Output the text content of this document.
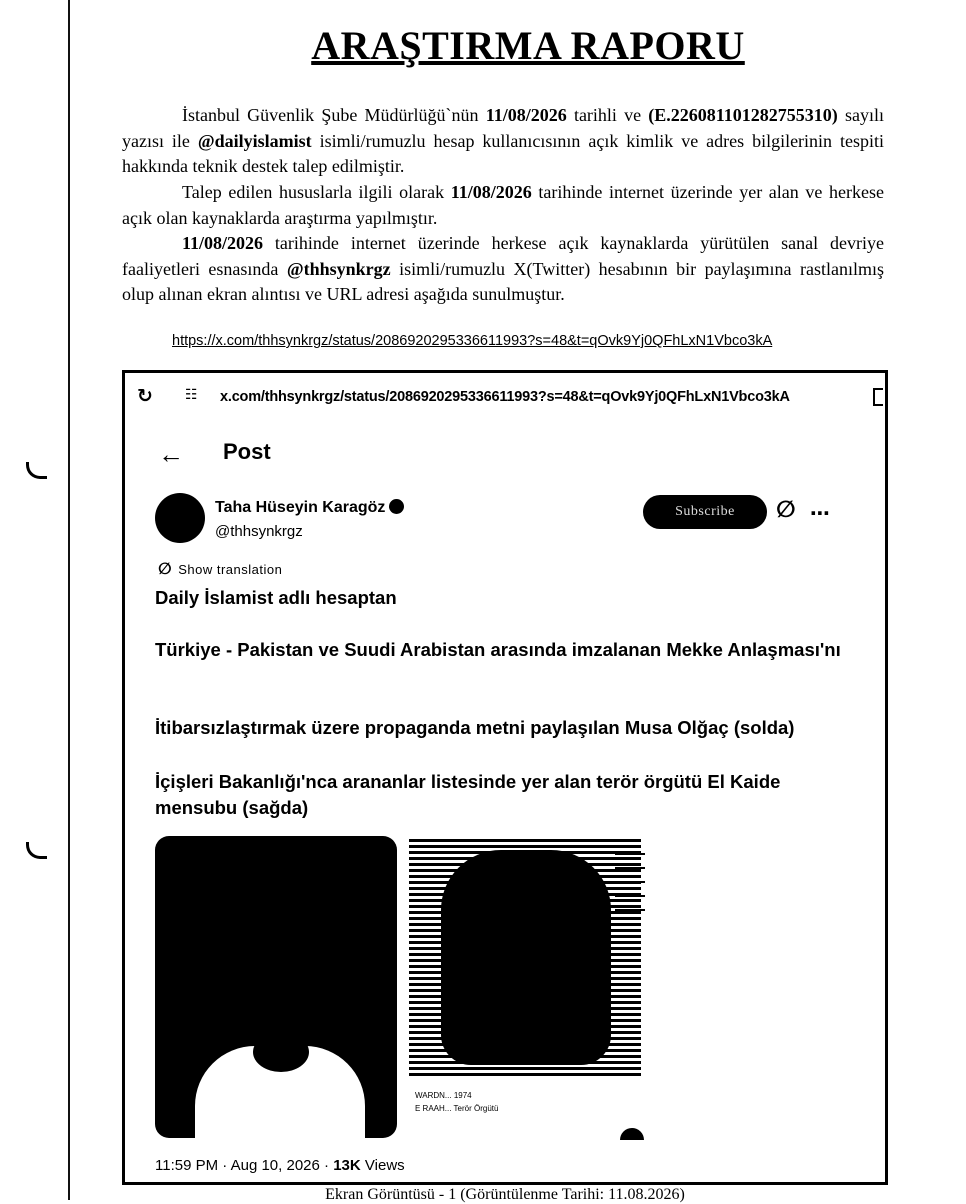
ARAŞTIRMA RAPORU
İstanbul Güvenlik Şube Müdürlüğü`nün 11/08/2026 tarihli ve (E.226081101282755310) sayılı yazısı ile @dailyislamist isimli/rumuzlu hesap kullanıcısının açık kimlik ve adres bilgilerinin tespiti hakkında teknik destek talep edilmiştir.
Talep edilen hususlarla ilgili olarak 11/08/2026 tarihinde internet üzerinde yer alan ve herkese açık olan kaynaklarda araştırma yapılmıştır.
11/08/2026 tarihinde internet üzerinde herkese açık kaynaklarda yürütülen sanal devriye faaliyetleri esnasında @thhsynkrgz isimli/rumuzlu X(Twitter) hesabının bir paylaşımına rastlanılmış olup alınan ekran alıntısı ve URL adresi aşağıda sunulmuştur.
https://x.com/thhsynkrgz/status/2086920295336611993?s=48&t=qOvk9Yj0QFhLxN1Vbco3kA
↻ ☷ x.com/thhsynkrgz/status/2086920295336611993?s=48&t=qOvk9Yj0QFhLxN1Vbco3kA
← Post
Taha Hüseyin Karagöz
@thhsynkrgz
Subscribe	∅ ⋯
∅ Show translation
Daily İslamist adlı hesaptan
Türkiye - Pakistan ve Suudi Arabistan arasında imzalanan Mekke Anlaşması'nı
İtibarsızlaştırmak üzere propaganda metni paylaşılan Musa Olğaç (solda)
İçişleri Bakanlığı'nca arananlar listesinde yer alan terör örgütü El Kaide mensubu (sağda)
WARDN... 1974
E RAAH... Terör Örgütü

11:59 PM · Aug 10, 2026 · 13K Views
Ekran Görüntüsü - 1 (Görüntülenme Tarihi: 11.08.2026)
